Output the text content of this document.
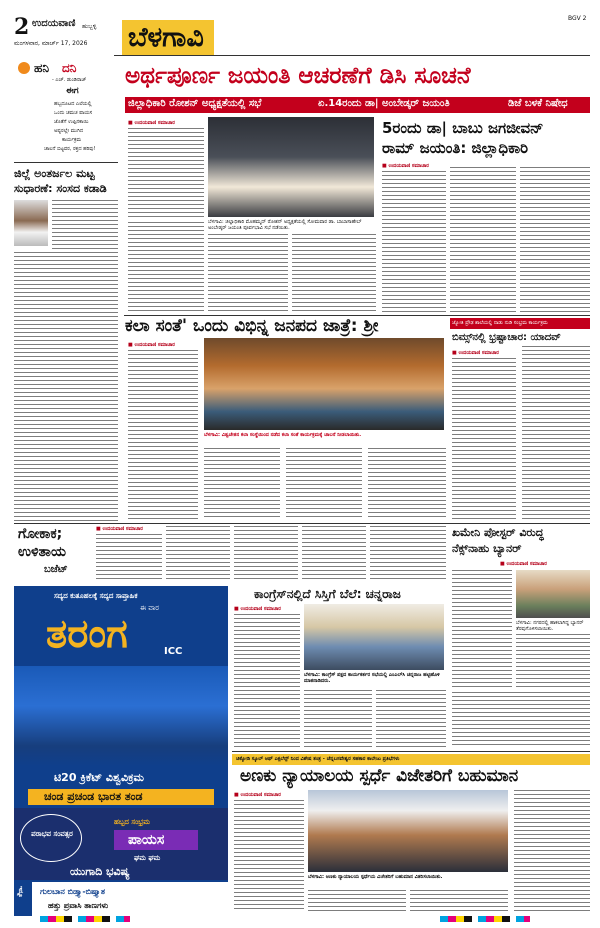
2 ಉದಯವಾಣಿ ಹುಬ್ಬಳ್ಳಿ
ಮಂಗಳವಾರ, ಮಾರ್ಚ್ 17, 2026 ಬೆಳಗಾವಿ
BGV 2
ಹನಿ ದನಿ
- ಎಚ್. ಡುಂಡಿರಾಜ್
ಈಗ
ಹಬ್ಬದೂಟದ ಎಲೆಯಲ್ಲಿ
ಒಂದು ಚಮಚ ಪಾಯಸ
ಜೊತೆಗೆ ಉಪ್ಪಿನಕಾಯಿ
ಅಷ್ಟರಲ್ಲೇ ಮುಗಿದ
ಕಾರ್ಯಕ್ರಮ
ಚಾಲನೆ ಬಿಟ್ಟವರ, ರಕ್ತದ ಹರಿವು!
ಅರ್ಥಪೂರ್ಣ ಜಯಂತಿ ಆಚರಣೆಗೆ ಡಿಸಿ ಸೂಚನೆ
ಜಿಲ್ಲಾಧಿಕಾರಿ ರೋಶನ್ ಅಧ್ಯಕ್ಷತೆಯಲ್ಲಿ ಸಭೆ	ಏ.14ರಂದು ಡಾ| ಅಂಬೇಡ್ಕರ್ ಜಯಂತಿ	ಡಿಜೆ ಬಳಕೆ ನಿಷೇಧ
■ ಉದಯವಾಣಿ ಸಮಾಚಾರ
ಬೆಳಗಾವಿ: ಜಿಲ್ಲಾಧಿಕಾರಿ ಮೊಹಮ್ಮದ್ ರೋಶನ್ ಅಧ್ಯಕ್ಷತೆಯಲ್ಲಿ ಸೋಮವಾರ ಡಾ. ಬಾಬಾಸಾಹೇಬ್ ಅಂಬೇಡ್ಕರ್ ಜಯಂತಿ ಪೂರ್ವಭಾವಿ ಸಭೆ ನಡೆಯಿತು.
5ರಂದು ಡಾ| ಬಾಬು ಜಗಜೀವನ್
ರಾಮ್ ಜಯಂತಿ: ಜಿಲ್ಲಾಧಿಕಾರಿ
■ ಉದಯವಾಣಿ ಸಮಾಚಾರ
ಜಿಲ್ಲೆ ಅಂತರ್ಜಲ ಮಟ್ಟ
ಸುಧಾರಣೆ: ಸಂಸದ ಕಡಾಡಿ
ಕಲಾ ಸಂತೆ' ಒಂದು ವಿಭಿನ್ನ ಜನಪದ ಜಾತ್ರೆ: ಶ್ರೀ
■ ಉದಯವಾಣಿ ಸಮಾಚಾರ
ಬೆಳಗಾವಿ: ವಿಶ್ವಚೇತನ ಕಲಾ ಸಂಸ್ಥೆಯಿಂದ ನಡೆದ ಕಲಾ ಸಂತೆ ಕಾರ್ಯಕ್ರಮಕ್ಕೆ ಚಾಲನೆ ನೀಡಲಾಯಿತು.
ಜ್ಯೋತಿ ಪ್ರೌಢ ಶಾಲೆಯಲ್ಲಿ ನಾಡು ನುಡಿ ಸಂಭ್ರಮ ಕಾರ್ಯಕ್ರಮ
ಬಿಮ್ಸ್‌ನಲ್ಲಿ ಭ್ರಷ್ಟಾಚಾರ: ಯಾದವ್
■ ಉದಯವಾಣಿ ಸಮಾಚಾರ
ಗೋಕಾಕ;
ಉಳಿತಾಯ
ಬಜೆಟ್
■ ಉದಯವಾಣಿ ಸಮಾಚಾರ	ಖಮೇನಿ ಪೋಸ್ಟರ್ ವಿರುದ್ಧ
ನೆಕ್ಸ್‌ನಾಹು ಬ್ಯಾನರ್
■ ಉದಯವಾಣಿ ಸಮಾಚಾರ
ಬೆಳಗಾವಿ: ನಗರದಲ್ಲಿ ಹಾಕಲಾಗಿದ್ದ ಬ್ಯಾನರ್ ತೆರವುಗೊಳಿಸಲಾಯಿತು.
ಸದ್ಯದ ಕುತೂಹಲಕ್ಕೆ ಸದ್ಯದ ಸಾಪ್ತಾಹಿಕ
ಈ ವಾರ
ತರಂಗ	ICC
ಟಿ20 ಕ್ರಿಕೆಟ್ ವಿಶ್ವವಿಕ್ರಮ
ಚಂಡ ಪ್ರಚಂಡ ಭಾರತ ತಂಡ
ಪರಾಭವ ಸಂವತ್ಸರ
ಹಬ್ಬದ ಸಂಭ್ರಮ
ಪಾಯಸ
ಘಮ ಘಮ
ಯುಗಾದಿ ಭವಿಷ್ಯ
ಇನ್ನೂ ಗುಲಬಾನ ಬಿಡ್ತ್ಯಾ-ಬಿಷ್ತ್ಯಾತ
ಹತ್ತು ಪ್ರವಾಸಿ ತಾಣಗಳು
ಕಾಂಗ್ರೆಸ್‌ನಲ್ಲಿದೆ ಸಿಸ್ತಿಗೆ ಬೆಲೆ: ಚನ್ನರಾಜ
■ ಉದಯವಾಣಿ ಸಮಾಚಾರ
ಬೆಳಗಾವಿ: ಕಾಂಗ್ರೆಸ್ ಪಕ್ಷದ ಕಾರ್ಯಕರ್ತರ ಸಭೆಯಲ್ಲಿ ಎಂಎಲ್‌ಸಿ ಚನ್ನರಾಜ ಹಟ್ಟಿಹೊಳಿ ಮಾತನಾಡಿದರು.
ಚಿಕ್ಕೋಡಿ ಸ್ಕೂಲ್ ಆಫ್ ಎಕ್ಸಲೆನ್ಸ್ ನಿಂದ ವಿಶೇಷ ತಂತ್ರ - ಚೆನ್ನಬಸವೇಶ್ವರ ಸಹಕಾರ ಕಾಲೇಜು ಪ್ರತಿಭೆಗಳು
ಅಣಕು ನ್ಯಾಯಾಲಯ ಸ್ಪರ್ಧೆ ವಿಜೇತರಿಗೆ ಬಹುಮಾನ
■ ಉದಯವಾಣಿ ಸಮಾಚಾರ
ಬೆಳಗಾವಿ: ಅಣಕು ನ್ಯಾಯಾಲಯ ಸ್ಪರ್ಧೆಯ ವಿಜೇತರಿಗೆ ಬಹುಮಾನ ವಿತರಿಸಲಾಯಿತು.
